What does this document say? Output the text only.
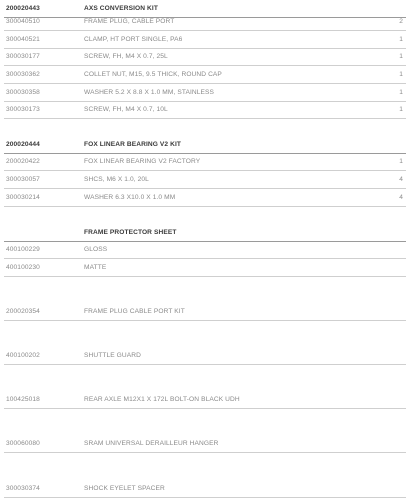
200020443	AXS CONVERSION KIT
300040510	FRAME PLUG, CABLE PORT	2
300040521	CLAMP, HT PORT SINGLE, PA6	1
300030177	SCREW, FH, M4 X 0.7, 25L	1
300030362	COLLET NUT, M15, 9.5 THICK, ROUND CAP	1
300030358	WASHER 5.2 X 8.8 X 1.0 MM, STAINLESS	1
300030173	SCREW, FH, M4 X 0.7, 10L	1
200020444	FOX LINEAR BEARING V2 KIT
200020422	FOX LINEAR BEARING V2 FACTORY	1
300030057	SHCS, M6 X 1.0, 20L	4
300030214	WASHER 6.3 X10.0 X 1.0 MM	4
FRAME PROTECTOR SHEET
400100229	GLOSS
400100230	MATTE
200020354	FRAME PLUG CABLE PORT KIT
400100202	SHUTTLE GUARD
100425018	REAR AXLE M12X1 X 172L BOLT-ON BLACK UDH
300060080	SRAM UNIVERSAL DERAILLEUR HANGER
300030374	SHOCK EYELET SPACER
